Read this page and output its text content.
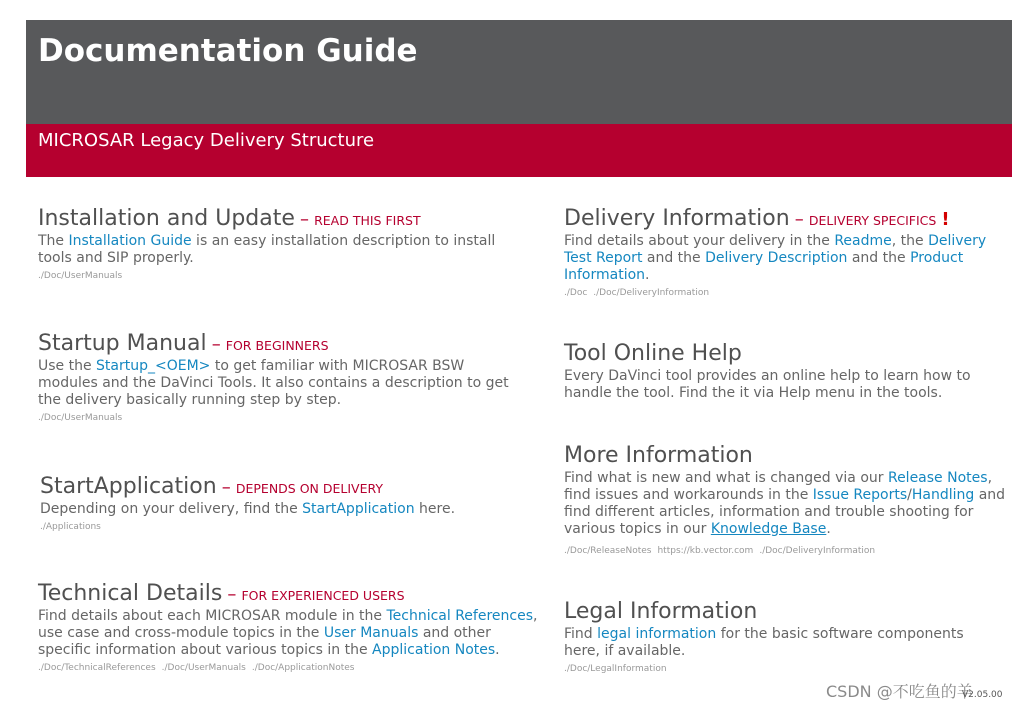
Documentation Guide
MICROSAR Legacy Delivery Structure
Installation and Update – READ THIS FIRST
The Installation Guide is an easy installation description to install tools and SIP properly.
./Doc/UserManuals
Startup Manual – FOR BEGINNERS
Use the Startup_<OEM> to get familiar with MICROSAR BSW modules and the DaVinci Tools. It also contains a description to get the delivery basically running step by step.
./Doc/UserManuals
StartApplication – DEPENDS ON DELIVERY
Depending on your delivery, find the StartApplication here.
./Applications
Technical Details – FOR EXPERIENCED USERS
Find details about each MICROSAR module in the Technical References, use case and cross-module topics in the User Manuals and other specific information about various topics in the Application Notes.
./Doc/TechnicalReferences ./Doc/UserManuals ./Doc/ApplicationNotes
Delivery Information – DELIVERY SPECIFICS !
Find details about your delivery in the Readme, the Delivery Test Report and the Delivery Description and the Product Information.
./Doc ./Doc/DeliveryInformation
Tool Online Help
Every DaVinci tool provides an online help to learn how to handle the tool. Find the it via Help menu in the tools.
More Information
Find what is new and what is changed via our Release Notes, find issues and workarounds in the Issue Reports/Handling and find different articles, information and trouble shooting for various topics in our Knowledge Base.
./Doc/ReleaseNotes https://kb.vector.com ./Doc/DeliveryInformation
Legal Information
Find legal information for the basic software components here, if available.
./Doc/LegalInformation
CSDN @不吃鱼的羊
V2.05.00
